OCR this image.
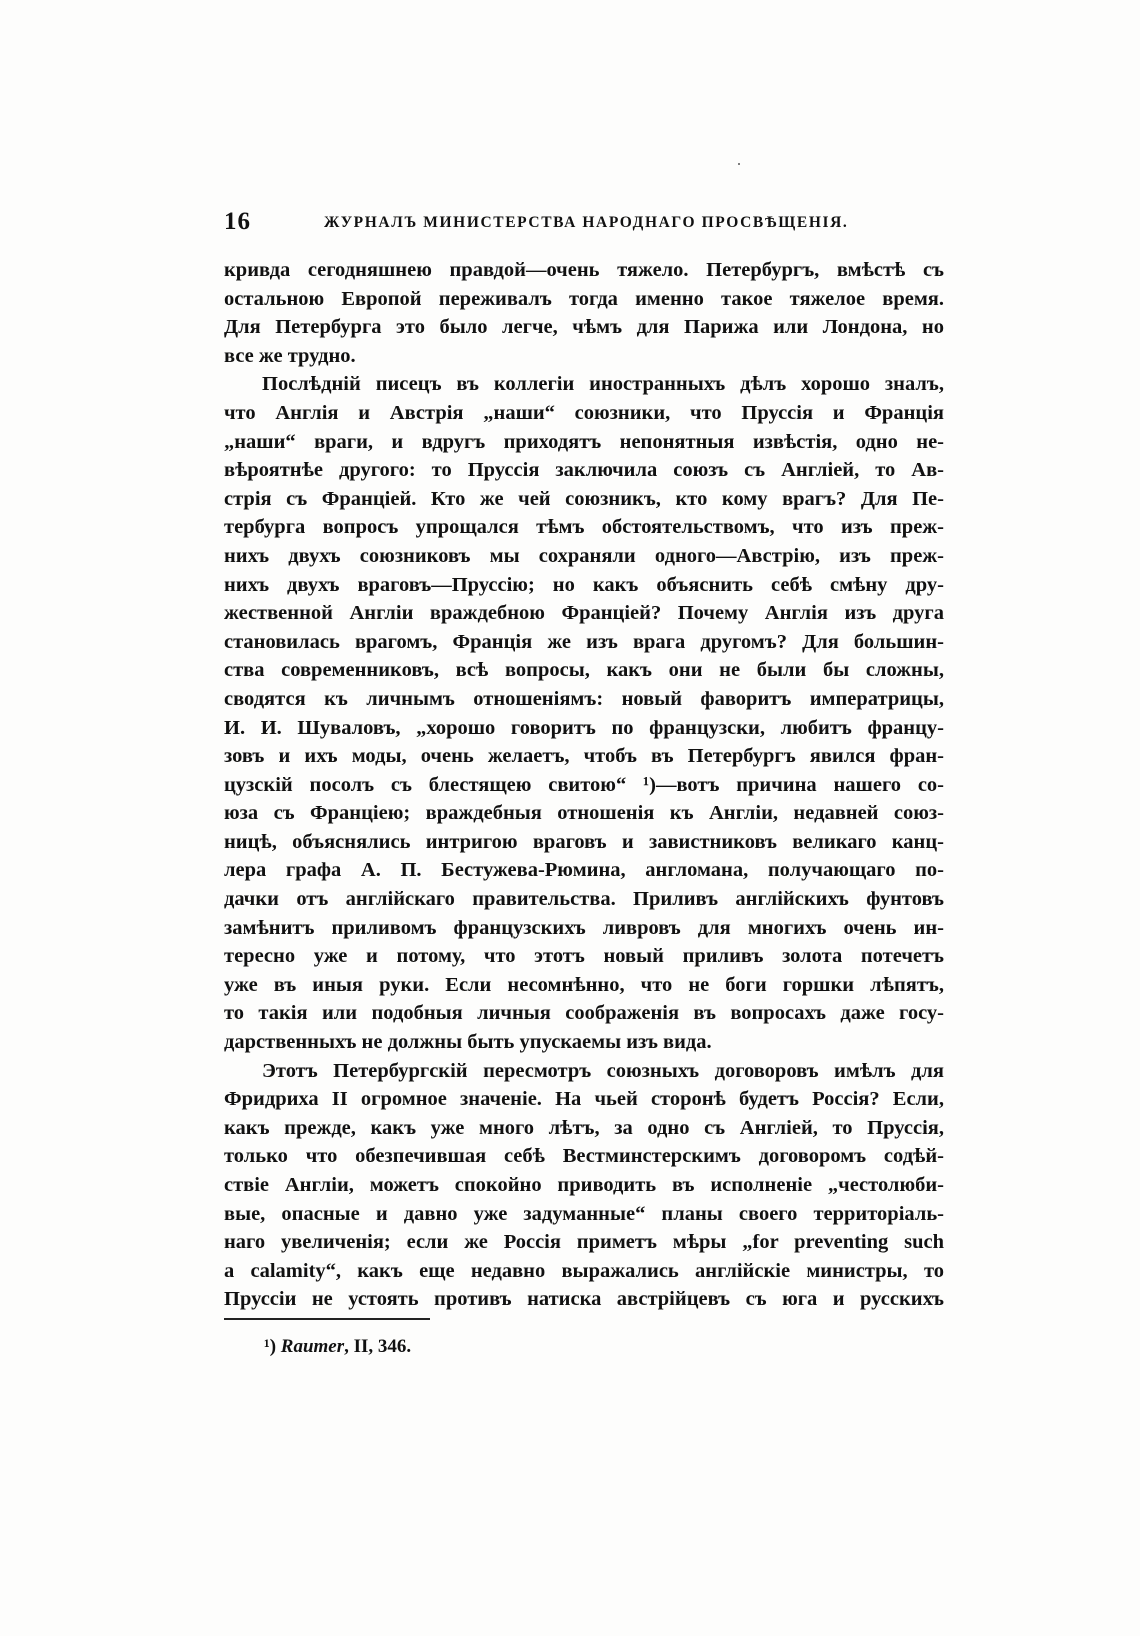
16	ЖУРНАЛЪ МИНИСТЕРСТВА НАРОДНАГО ПРОСВѢЩЕНІЯ.
кривда сегодняшнею правдой—очень тяжело. Петербургъ, вмѣстѣ съ
остальною Европой переживалъ тогда именно такое тяжелое время.
Для Петербурга это было легче, чѣмъ для Парижа или Лондона, но
все же трудно.
Послѣдній писецъ въ коллегіи иностранныхъ дѣлъ хорошо зналъ,
что Англія и Австрія „наши“ союзники, что Пруссія и Франція
„наши“ враги, и вдругъ приходятъ непонятныя извѣстія, одно не-
вѣроятнѣе другого: то Пруссія заключила союзъ съ Англіей, то Ав-
стрія съ Франціей. Кто же чей союзникъ, кто кому врагъ? Для Пе-
тербурга вопросъ упрощался тѣмъ обстоятельствомъ, что изъ преж-
нихъ двухъ союзниковъ мы сохраняли одного—Австрію, изъ преж-
нихъ двухъ враговъ—Пруссію; но какъ объяснить себѣ смѣну дру-
жественной Англіи враждебною Франціей? Почему Англія изъ друга
становилась врагомъ, Франція же изъ врага другомъ? Для большин-
ства современниковъ, всѣ вопросы, какъ они не были бы сложны,
сводятся къ личнымъ отношеніямъ: новый фаворитъ императрицы,
И. И. Шуваловъ, „хорошо говоритъ по французски, любитъ францу-
зовъ и ихъ моды, очень желаетъ, чтобъ въ Петербургъ явился фран-
цузскій посолъ съ блестящею свитою“ ¹)—вотъ причина нашего со-
юза съ Франціею; враждебныя отношенія къ Англіи, недавней союз-
ницѣ, объяснялись интригою враговъ и завистниковъ великаго канц-
лера графа А. П. Бестужева-Рюмина, англомана, получающаго по-
дачки отъ англійскаго правительства. Приливъ англійскихъ фунтовъ
замѣнитъ приливомъ французскихъ ливровъ для многихъ очень ин-
тересно уже и потому, что этотъ новый приливъ золота потечетъ
уже въ иныя руки. Если несомнѣнно, что не боги горшки лѣпятъ,
то такія или подобныя личныя соображенія въ вопросахъ даже госу-
дарственныхъ не должны быть упускаемы изъ вида.
Этотъ Петербургскій пересмотръ союзныхъ договоровъ имѣлъ для
Фридриха II огромное значеніе. На чьей сторонѣ будетъ Россія? Если,
какъ прежде, какъ уже много лѣтъ, за одно съ Англіей, то Пруссія,
только что обезпечившая себѣ Вестминстерскимъ договоромъ содѣй-
ствіе Англіи, можетъ спокойно приводить въ исполненіе „честолюби-
вые, опасные и давно уже задуманные“ планы своего территоріаль-
наго увеличенія; если же Россія приметъ мѣры „for preventing such
a calamity“, какъ еще недавно выражались англійскіе министры, то
Пруссіи не устоять противъ натиска австрійцевъ съ юга и русскихъ
¹) Raumer, II, 346.
